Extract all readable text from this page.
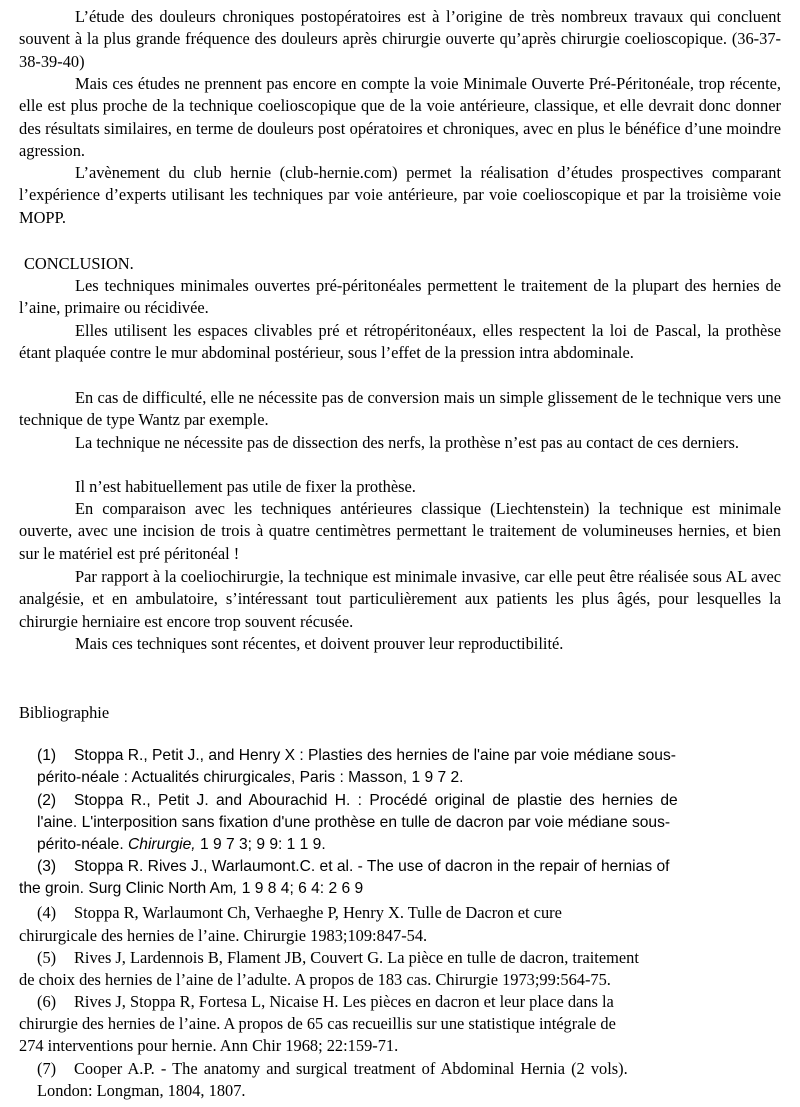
L’étude des douleurs chroniques postopératoires est à l’origine de très nombreux travaux qui concluent souvent à la plus grande fréquence des douleurs après chirurgie ouverte qu’après chirurgie coelioscopique. (36-37-38-39-40)

Mais ces études ne prennent pas encore en compte la voie Minimale Ouverte Pré-Péritonéale, trop récente, elle est plus proche de la technique coelioscopique que de la voie antérieure, classique, et elle devrait donc donner des résultats similaires, en terme de douleurs post opératoires et chroniques, avec en plus le bénéfice d’une moindre agression.

L’avènement du club hernie (club-hernie.com) permet la réalisation d’études prospectives comparant l’expérience d’experts utilisant les techniques par voie antérieure, par voie coelioscopique et par la troisième voie MOPP.

CONCLUSION.

Les techniques minimales ouvertes pré-péritonéales permettent le traitement de la plupart des hernies de l’aine, primaire ou récidivée.

Elles utilisent les espaces clivables pré et rétropéritonéaux, elles respectent la loi de Pascal, la prothèse étant plaquée contre le mur abdominal postérieur, sous l’effet de la pression intra abdominale.

En cas de difficulté, elle ne nécessite pas de conversion mais un simple glissement de le technique vers une technique de type Wantz par exemple.

La technique ne nécessite pas de dissection des nerfs, la prothèse n’est pas au contact de ces derniers.

Il n’est habituellement pas utile de fixer la prothèse.

En comparaison avec les techniques antérieures classique (Liechtenstein) la technique est minimale ouverte, avec une incision de trois à quatre centimètres permettant le traitement de volumineuses hernies, et bien sur le matériel est pré péritonéal !

Par rapport à la coeliochirurgie, la technique est minimale invasive, car elle peut être réalisée sous AL avec analgésie, et en ambulatoire, s’intéressant tout particulièrement aux patients les plus âgés, pour lesquelles la chirurgie herniaire est encore trop souvent récusée.

Mais ces techniques sont récentes, et doivent prouver leur reproductibilité.

Bibliographie

(1) Stoppa R., Petit J., and Henry X : Plasties des hernies de l'aine par voie médiane sous-
périto-néale : Actualités chirurgicales, Paris : Masson, 1 9 7 2.
(2) Stoppa R., Petit J. and Abourachid H. : Procédé original de plastie des hernies de
l'aine. L'interposition sans fixation d'une prothèse en tulle de dacron par voie médiane sous-
périto-néale. Chirurgie, 1 9 7 3; 9 9: 1 1 9.
(3) Stoppa R. Rives J., Warlaumont.C. et al. - The use of dacron in the repair of hernias of
the groin. Surg Clinic North Am, 1 9 8 4; 6 4: 2 6 9
(4) Stoppa R, Warlaumont Ch, Verhaeghe P, Henry X. Tulle de Dacron et cure
chirurgicale des hernies de l’aine. Chirurgie 1983;109:847-54.
(5) Rives J, Lardennois B, Flament JB, Couvert G. La pièce en tulle de dacron, traitement
de choix des hernies de l’aine de l’adulte. A propos de 183 cas. Chirurgie 1973;99:564-75.
(6) Rives J, Stoppa R, Fortesa L, Nicaise H. Les pièces en dacron et leur place dans la
chirurgie des hernies de l’aine. A propos de 65 cas recueillis sur une statistique intégrale de
274 interventions pour hernie. Ann Chir 1968; 22:159-71.
(7) Cooper A.P. - The anatomy and surgical treatment of Abdominal Hernia (2 vols).
London: Longman, 1804, 1807.
